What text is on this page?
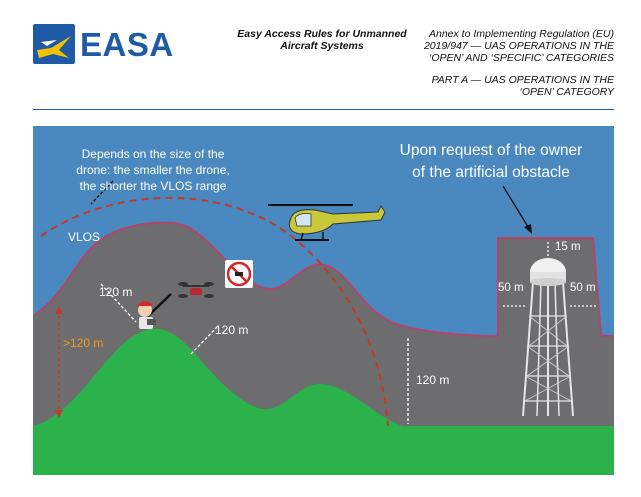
EASA	Easy Access Rules for Unmanned
Aircraft Systems
Annex to Implementing Regulation (EU)
2019/947 — UAS OPERATIONS IN THE
‘OPEN’ AND ‘SPECIFIC’ CATEGORIES
PART A — UAS OPERATIONS IN THE
‘OPEN’ CATEGORY
Depends on the size of the
drone: the smaller the drone,
the shorter the VLOS range
VLOS
Upon request of the owner
of the artificial obstacle
120 m
120 m
120 m
>120 m
15 m
50 m	50 m
